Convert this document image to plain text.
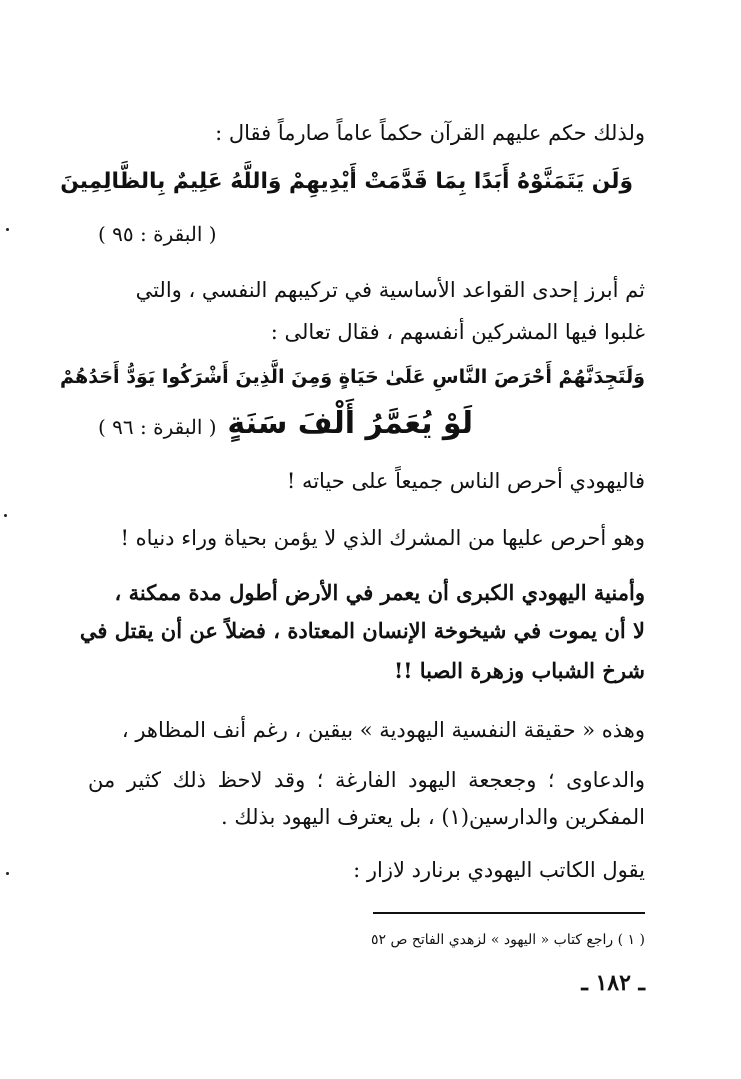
ولذلك حكم عليهم القرآن حكماً عاماً صارماً فقال :
وَلَن يَتَمَنَّوْهُ أَبَدًا بِمَا قَدَّمَتْ أَيْدِيهِمْ وَاللَّهُ عَلِيمٌ بِالظَّالِمِينَ
( البقرة : ٩٥ )
ثم أبرز إحدى القواعد الأساسية في تركيبهم النفسي ، والتي
غلبوا فيها المشركين أنفسهم ، فقال تعالى :
وَلَتَجِدَنَّهُمْ أَحْرَصَ النَّاسِ عَلَىٰ حَيَاةٍ وَمِنَ الَّذِينَ أَشْرَكُوا يَوَدُّ أَحَدُهُمْ
لَوْ يُعَمَّرُ أَلْفَ سَنَةٍ
( البقرة : ٩٦ )
فاليهودي أحرص الناس جميعاً على حياته !
وهو أحرص عليها من المشرك الذي لا يؤمن بحياة وراء دنياه !
وأمنية اليهودي الكبرى أن يعمر في الأرض أطول مدة ممكنة ،
لا أن يموت في شيخوخة الإنسان المعتادة ، فضلاً عن أن يقتل في
شرخ الشباب وزهرة الصبا !!
وهذه « حقيقة النفسية اليهودية » بيقين ، رغم أنف المظاهر ،
والدعاوى ؛ وجعجعة اليهود الفارغة ؛ وقد لاحظ ذلك كثير من
المفكرين والدارسين(١) ، بل يعترف اليهود بذلك .
يقول الكاتب اليهودي برنارد لازار :
( ١ ) راجع كتاب « اليهود » لزهدي الفاتح ص ٥٢
ـ ١٨٢ ـ
